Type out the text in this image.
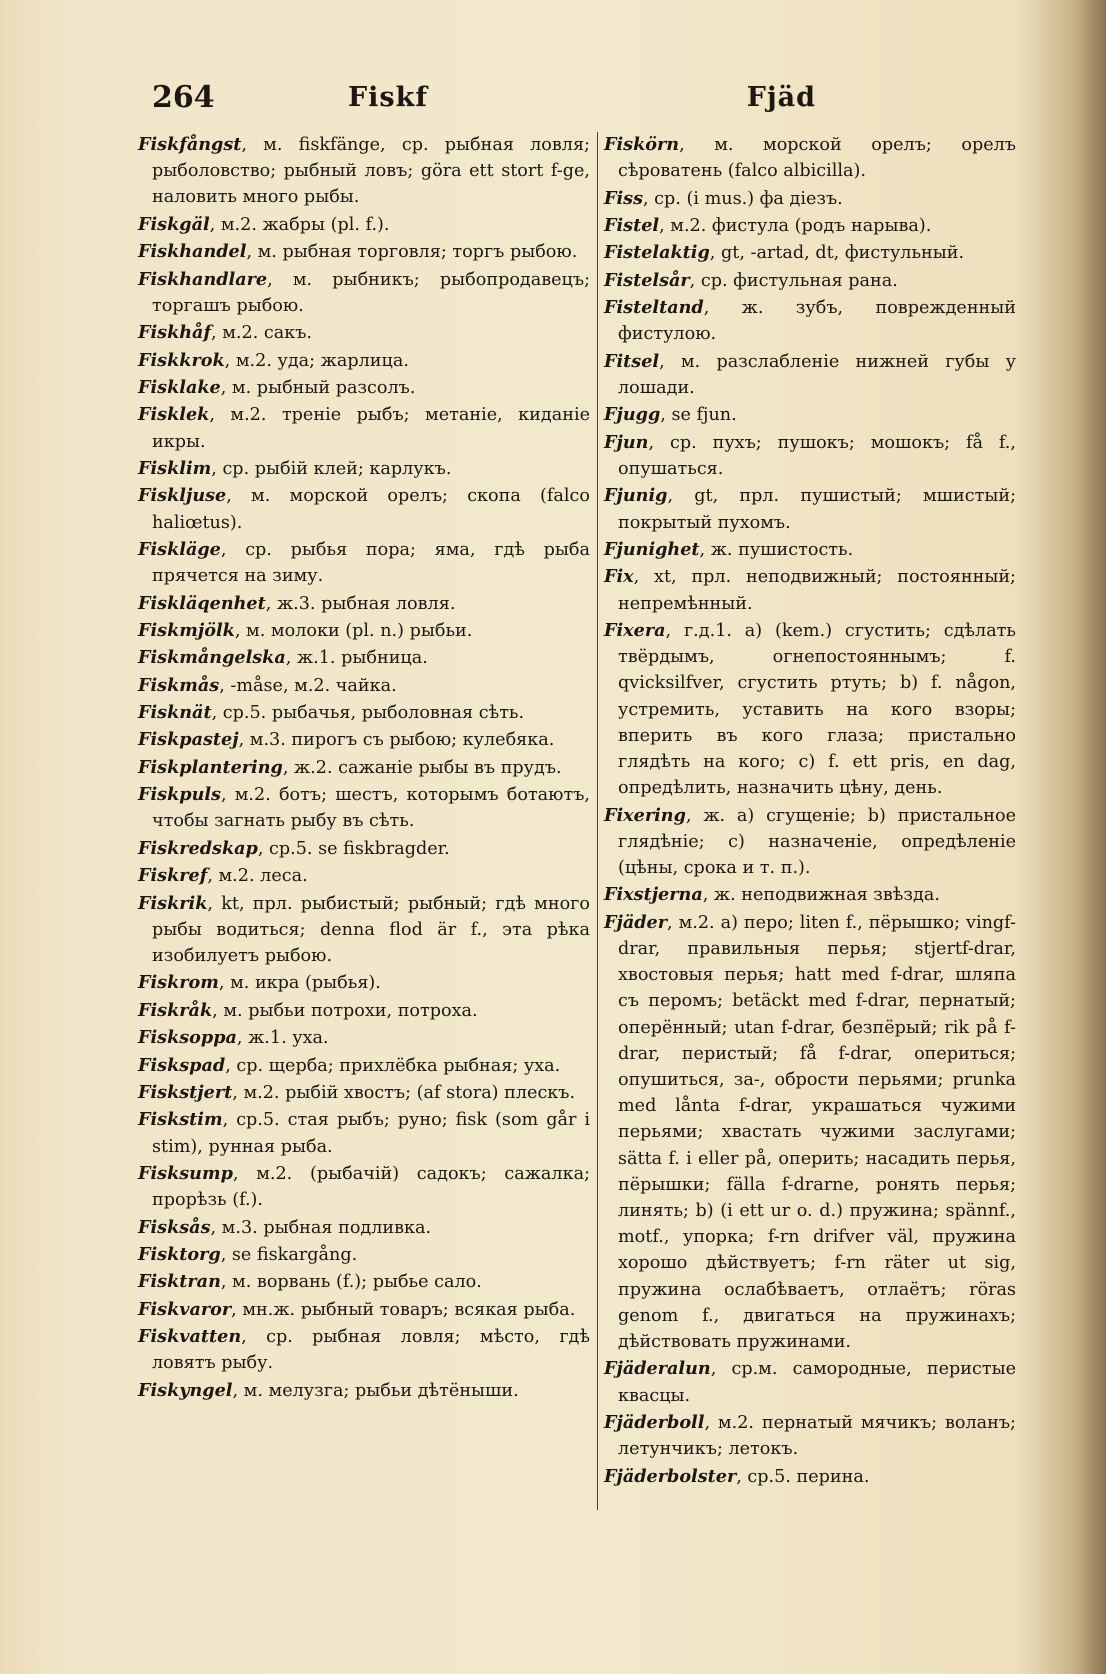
264	Fiskf	Fjäd

Fiskfångst, м. fiskfänge, ср. рыбная ловля; рыболовство; рыбный ловъ; göra ett stort f-ge, наловить много рыбы.

Fiskgäl, м.2. жабры (pl. f.).

Fiskhandel, м. рыбная торговля; торгъ рыбою.

Fiskhandlare, м. рыбникъ; рыбопродавецъ; торгашъ рыбою.

Fiskhåf, м.2. сакъ.

Fiskkrok, м.2. уда; жарлица.

Fisklake, м. рыбный разсолъ.

Fisklek, м.2. треніе рыбъ; метаніе, киданіе икры.

Fisklim, ср. рыбій клей; карлукъ.

Fiskljuse, м. морской орелъ; скопа (falco haliœtus).

Fiskläge, ср. рыбья пора; яма, гдѣ рыба прячется на зиму.

Fiskläqenhet, ж.3. рыбная ловля.

Fiskmjölk, м. молоки (pl. n.) рыбьи.

Fiskmångelska, ж.1. рыбница.

Fiskmås, -måse, м.2. чайка.

Fisknät, ср.5. рыбачья, рыболовная сѣть.

Fiskpastej, м.3. пирогъ съ рыбою; кулебяка.

Fiskplantering, ж.2. сажаніе рыбы въ прудъ.

Fiskpuls, м.2. ботъ; шестъ, которымъ ботаютъ, чтобы загнать рыбу въ сѣть.

Fiskredskap, ср.5. se fiskbragder.

Fiskref, м.2. леса.

Fiskrik, kt, прл. рыбистый; рыбный; гдѣ много рыбы водиться; denna flod är f., эта рѣка изобилуетъ рыбою.

Fiskrom, м. икра (рыбья).

Fiskråk, м. рыбьи потрохи, потроха.

Fisksoppa, ж.1. уха.

Fiskspad, ср. щерба; прихлёбка рыбная; уха.

Fiskstjert, м.2. рыбій хвостъ; (af stora) плескъ.

Fiskstim, ср.5. стая рыбъ; руно; fisk (som går i stim), рунная рыба.

Fisksump, м.2. (рыбачій) садокъ; сажалка; прорѣзь (f.).

Fisksås, м.3. рыбная подливка.

Fisktorg, se fiskargång.

Fisktran, м. ворвань (f.); рыбье сало.

Fiskvaror, мн.ж. рыбный товаръ; всякая рыба.

Fiskvatten, ср. рыбная ловля; мѣсто, гдѣ ловятъ рыбу.

Fiskyngel, м. мелузга; рыбьи дѣтёныши.

Fiskörn, м. морской орелъ; орелъ сѣроватень (falco albicilla).

Fiss, ср. (i mus.) фа діезъ.

Fistel, м.2. фистула (родъ нарыва).

Fistelaktig, gt, -artad, dt, фистульный.

Fistelsår, ср. фистульная рана.

Fisteltand, ж. зубъ, поврежденный фистулою.

Fitsel, м. разслабленіе нижней губы у лошади.

Fjugg, se fjun.

Fjun, ср. пухъ; пушокъ; мошокъ; få f., опушаться.

Fjunig, gt, прл. пушистый; мшистый; покрытый пухомъ.

Fjunighet, ж. пушистость.

Fix, xt, прл. неподвижный; постоянный; непремѣнный.

Fixera, г.д.1. a) (kem.) сгустить; сдѣлать твёрдымъ, огнепостояннымъ; f. qvicksilfver, сгустить ртуть; b) f. någon, устремить, уставить на кого взоры; вперить въ кого глаза; пристально глядѣть на кого; c) f. ett pris, en dag, опредѣлить, назначить цѣну, день.

Fixering, ж. a) сгущеніе; b) пристальное глядѣніе; c) назначеніе, опредѣленіе (цѣны, срока и т. п.).

Fixstjerna, ж. неподвижная звѣзда.

Fjäder, м.2. a) перо; liten f., пёрышко; vingf-drar, правильныя перья; stjertf-drar, хвостовыя перья; hatt med f-drar, шляпа съ перомъ; betäckt med f-drar, пернатый; оперённый; utan f-drar, безпёрый; rik på f-drar, перистый; få f-drar, опериться; опушиться, за-, обрости перьями; prunka med lånta f-drar, украшаться чужими перьями; хвастать чужими заслугами; sätta f. i eller på, оперить; насадить перья, пёрышки; fälla f-drarne, ронять перья; линять; b) (i ett ur o. d.) пружина; spännf., motf., упорка; f-rn drifver väl, пружина хорошо дѣйствуетъ; f-rn räter ut sig, пружина ослабѣваетъ, отлаётъ; röras genom f., двигаться на пружинахъ; дѣйствовать пружинами.

Fjäderalun, ср.м. самородные, перистые квасцы.

Fjäderboll, м.2. пернатый мячикъ; воланъ; летунчикъ; летокъ.

Fjäderbolster, ср.5. перина.
